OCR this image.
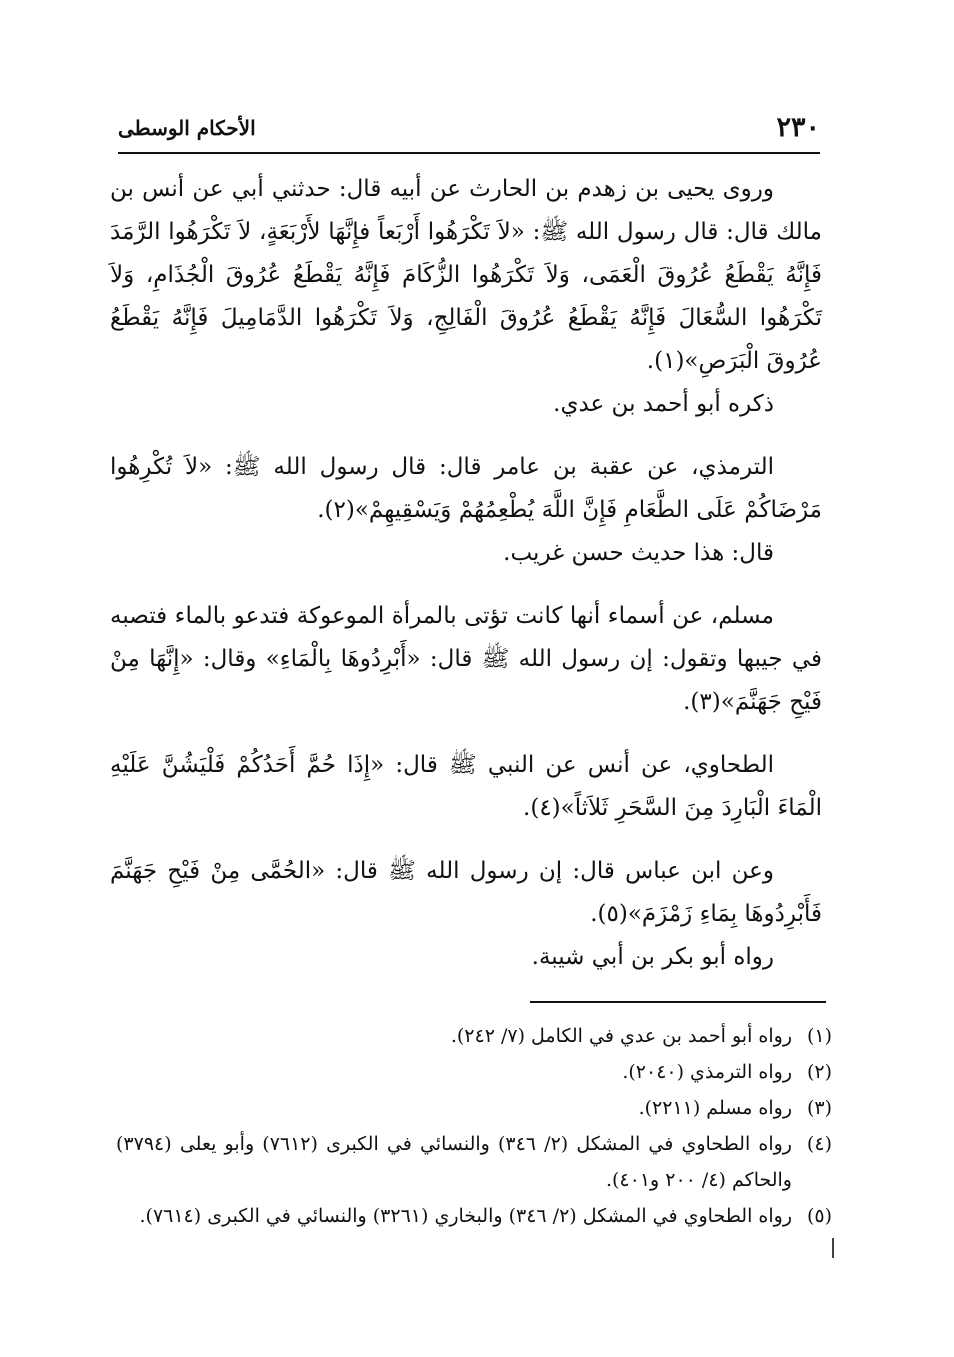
٢٣٠
الأحكام الوسطى

وروى يحيى بن زهدم بن الحارث عن أبيه قال: حدثني أبي عن أنس بن مالك قال: قال رسول الله ﷺ: «لاَ تَكْرَهُوا أَرْبَعاً فإِنَّهَا لأَرْبَعَةٍ، لاَ تَكْرَهُوا الرَّمَدَ فَإِنَّهُ يَقْطَعُ عُرُوقَ الْعَمَى، وَلاَ تَكْرَهُوا الزُّكَامَ فَإِنَّهُ يَقْطَعُ عُرُوقَ الْجُذَامِ، وَلاَ تَكْرَهُوا السُّعَالَ فَإِنَّهُ يَقْطَعُ عُرُوقَ الْفَالِجِ، وَلاَ تَكْرَهُوا الدَّمَامِيلَ فَإِنَّهُ يَقْطَعُ عُرُوقَ الْبَرَصِ»(١).

ذكره أبو أحمد بن عدي.

الترمذي، عن عقبة بن عامر قال: قال رسول الله ﷺ: «لاَ تُكْرِهُوا مَرْضَاكُمْ عَلَى الطَّعَامِ فَإِنَّ اللَّهَ يُطْعِمُهُمْ وَيَسْقِيهِمْ»(٢).

قال: هذا حديث حسن غريب.

مسلم، عن أسماء أنها كانت تؤتى بالمرأة الموعوكة فتدعو بالماء فتصبه في جيبها وتقول: إن رسول الله ﷺ قال: «أَبْرِدُوهَا بِالْمَاءِ» وقال: «إِنَّهَا مِنْ فَيْحِ جَهَنَّمَ»(٣).

الطحاوي، عن أنس عن النبي ﷺ قال: «إِذَا حُمَّ أَحَدُكُمْ فَلْيَشُنَّ عَلَيْهِ الْمَاءَ الْبَارِدَ مِنَ السَّحَرِ ثَلاَثاً»(٤).

وعن ابن عباس قال: إن رسول الله ﷺ قال: «الحُمَّى مِنْ فَيْحِ جَهَنَّمَ فَأَبْرِدُوهَا بِمَاءِ زَمْزَمَ»(٥).

رواه أبو بكر بن أبي شيبة.

(١)رواه أبو أحمد بن عدي في الكامل (٧/ ٢٤٢).

(٢)رواه الترمذي (٢٠٤٠).

(٣)رواه مسلم (٢٢١١).

(٤)رواه الطحاوي في المشكل (٢/ ٣٤٦) والنسائي في الكبرى (٧٦١٢) وأبو يعلى (٣٧٩٤) والحاكم (٤/ ٢٠٠ و٤٠١).

(٥)رواه الطحاوي في المشكل (٢/ ٣٤٦) والبخاري (٣٢٦١) والنسائي في الكبرى (٧٦١٤).
